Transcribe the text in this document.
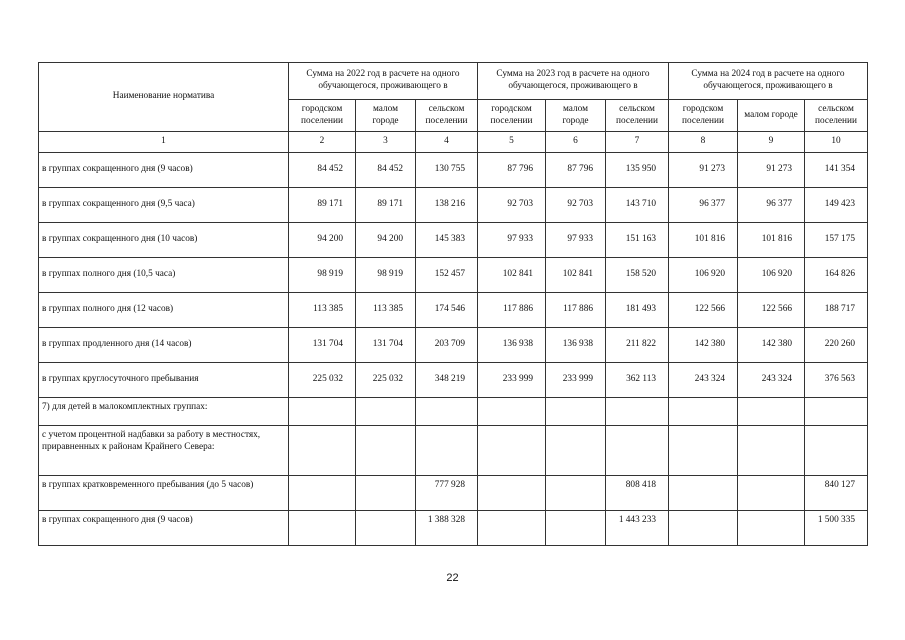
Наименование норматива	Сумма на 2022 год в расчете на одного обучающегося, проживающего в			Сумма на 2023 год в расчете на одного обучающегося, проживающего в			Сумма на 2024 год в расчете на одного обучающегося, проживающего в		
	городском поселении	малом городе	сельском поселении	городском поселении	малом городе	сельском поселении	городском поселении	малом городе	сельском поселении
1	2	3	4	5	6	7	8	9	10
в группах сокращенного дня (9 часов)	84 452	84 452	130 755	87 796	87 796	135 950	91 273	91 273	141 354
в группах сокращенного дня (9,5 часа)	89 171	89 171	138 216	92 703	92 703	143 710	96 377	96 377	149 423
в группах сокращенного дня (10 часов)	94 200	94 200	145 383	97 933	97 933	151 163	101 816	101 816	157 175
в группах полного дня (10,5 часа)	98 919	98 919	152 457	102 841	102 841	158 520	106 920	106 920	164 826
в группах полного дня (12 часов)	113 385	113 385	174 546	117 886	117 886	181 493	122 566	122 566	188 717
в группах продленного дня (14 часов)	131 704	131 704	203 709	136 938	136 938	211 822	142 380	142 380	220 260
в группах круглосуточного пребывания	225 032	225 032	348 219	233 999	233 999	362 113	243 324	243 324	376 563
7) для детей в малокомплектных группах:									
с учетом процентной надбавки за работу в местностях, приравненных к районам Крайнего Севера:									
в группах кратковременного пребывания (до 5 часов)			777 928			808 418			840 127
в группах сокращенного дня (9 часов)			1 388 328			1 443 233			1 500 335
22
